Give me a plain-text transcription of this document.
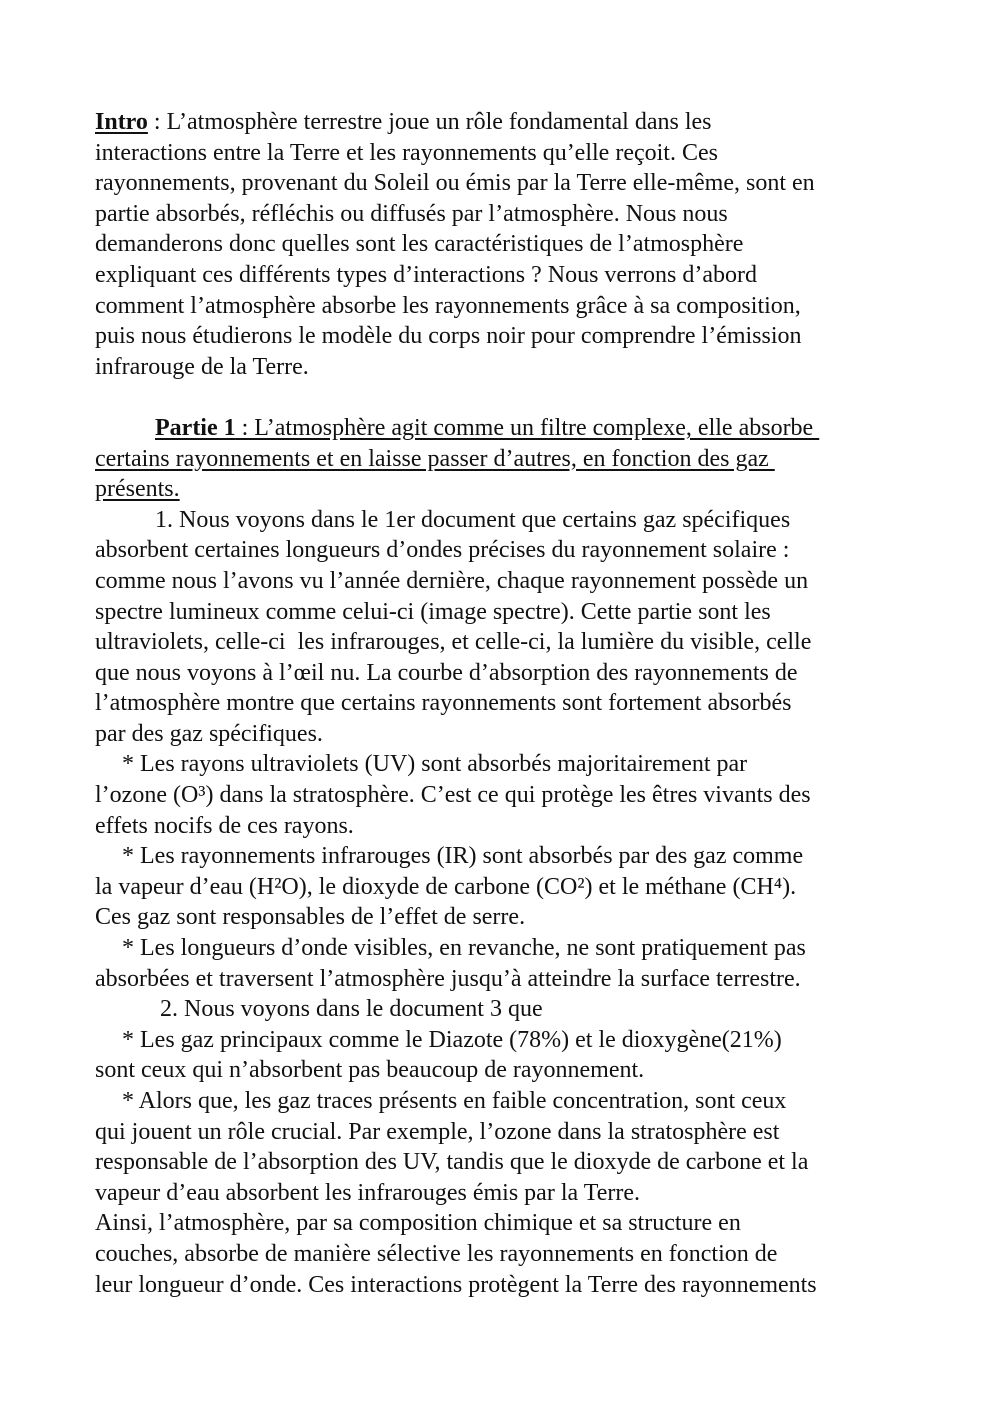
Intro : L’atmosphère terrestre joue un rôle fondamental dans les
interactions entre la Terre et les rayonnements qu’elle reçoit. Ces
rayonnements, provenant du Soleil ou émis par la Terre elle-même, sont en
partie absorbés, réfléchis ou diffusés par l’atmosphère. Nous nous
demanderons donc quelles sont les caractéristiques de l’atmosphère
expliquant ces différents types d’interactions ? Nous verrons d’abord
comment l’atmosphère absorbe les rayonnements grâce à sa composition,
puis nous étudierons le modèle du corps noir pour comprendre l’émission
infrarouge de la Terre.
Partie 1 : L’atmosphère agit comme un filtre complexe, elle absorbe
certains rayonnements et en laisse passer d’autres, en fonction des gaz
présents.
1. Nous voyons dans le 1er document que certains gaz spécifiques
absorbent certaines longueurs d’ondes précises du rayonnement solaire :
comme nous l’avons vu l’année dernière, chaque rayonnement possède un
spectre lumineux comme celui-ci (image spectre). Cette partie sont les
ultraviolets, celle-ci  les infrarouges, et celle-ci, la lumière du visible, celle
que nous voyons à l’œil nu. La courbe d’absorption des rayonnements de
l’atmosphère montre que certains rayonnements sont fortement absorbés
par des gaz spécifiques.
* Les rayons ultraviolets (UV) sont absorbés majoritairement par
l’ozone (O³) dans la stratosphère. C’est ce qui protège les êtres vivants des
effets nocifs de ces rayons.
* Les rayonnements infrarouges (IR) sont absorbés par des gaz comme
la vapeur d’eau (H²O), le dioxyde de carbone (CO²) et le méthane (CH⁴).
Ces gaz sont responsables de l’effet de serre.
* Les longueurs d’onde visibles, en revanche, ne sont pratiquement pas
absorbées et traversent l’atmosphère jusqu’à atteindre la surface terrestre.
2. Nous voyons dans le document 3 que
* Les gaz principaux comme le Diazote (78%) et le dioxygène(21%)
sont ceux qui n’absorbent pas beaucoup de rayonnement.
* Alors que, les gaz traces présents en faible concentration, sont ceux
qui jouent un rôle crucial. Par exemple, l’ozone dans la stratosphère est
responsable de l’absorption des UV, tandis que le dioxyde de carbone et la
vapeur d’eau absorbent les infrarouges émis par la Terre.
Ainsi, l’atmosphère, par sa composition chimique et sa structure en
couches, absorbe de manière sélective les rayonnements en fonction de
leur longueur d’onde. Ces interactions protègent la Terre des rayonnements
